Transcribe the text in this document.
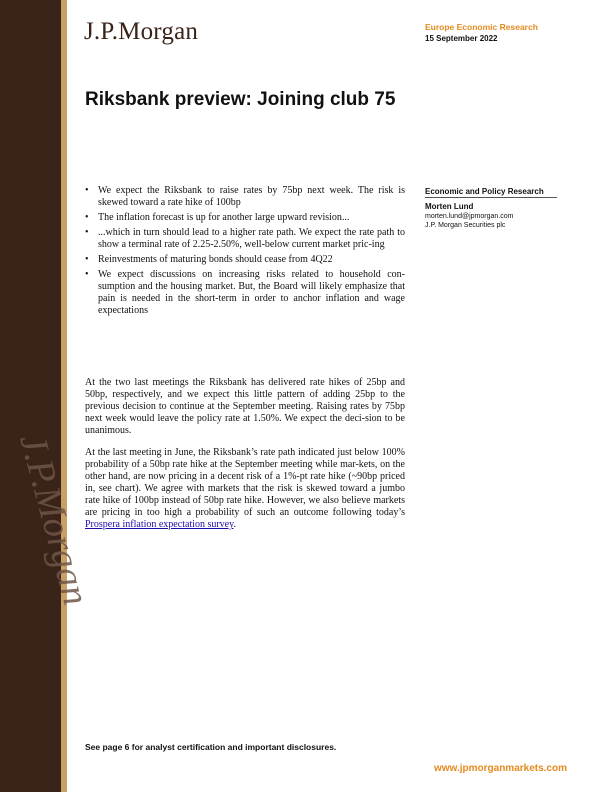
J.P.Morgan
J.P.Morgan	Europe Economic Research
15 September 2022
Riksbank preview: Joining club 75
• We expect the Riksbank to raise rates by 75bp next week. The risk is skewed toward a rate hike of 100bp
• The inflation forecast is up for another large upward revision...
• ...which in turn should lead to a higher rate path. We expect the rate path to show a terminal rate of 2.25-2.50%, well-below current market pric-ing
• Reinvestments of maturing bonds should cease from 4Q22
• We expect discussions on increasing risks related to household con-sumption and the housing market. But, the Board will likely emphasize that pain is needed in the short-term in order to anchor inflation and wage expectations
Economic and Policy Research
Morten Lund
morten.lund@jpmorgan.com
J.P. Morgan Securities plc

At the two last meetings the Riksbank has delivered rate hikes of 25bp and 50bp, respectively, and we expect this little pattern of adding 25bp to the previous decision to continue at the September meeting. Raising rates by 75bp next week would leave the policy rate at 1.50%. We expect the deci-sion to be unanimous.

At the last meeting in June, the Riksbank’s rate path indicated just below 100% probability of a 50bp rate hike at the September meeting while mar-kets, on the other hand, are now pricing in a decent risk of a 1%-pt rate hike (~90bp priced in, see chart). We agree with markets that the risk is skewed toward a jumbo rate hike of 100bp instead of 50bp rate hike. However, we also believe markets are pricing in too high a probability of such an outcome following today’s Prospera inflation expectation survey.

See page 6 for analyst certification and important disclosures.
www.jpmorganmarkets.com
